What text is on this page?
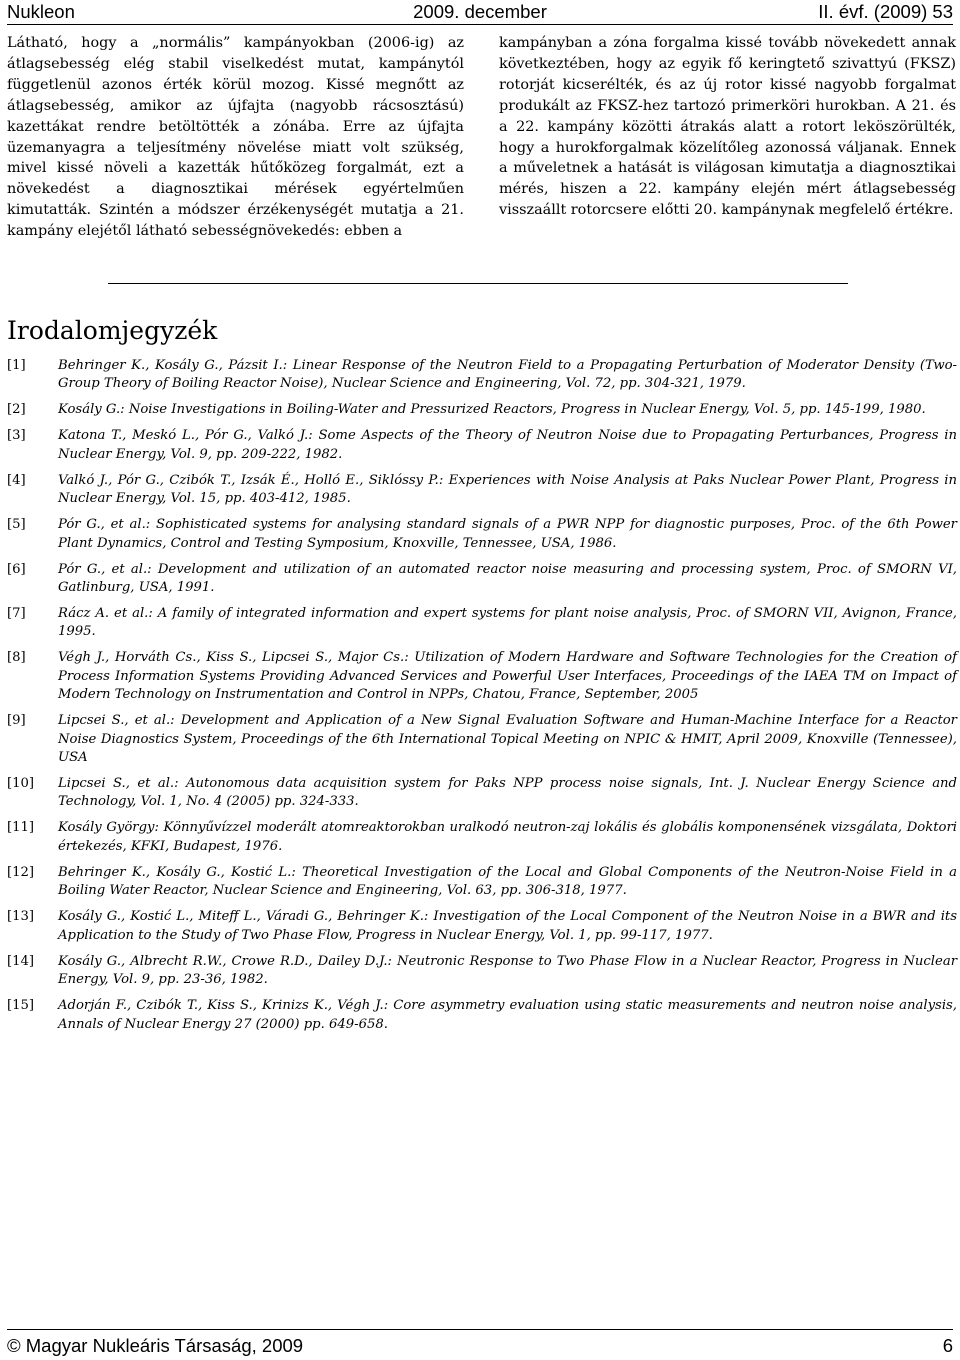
Nukleon	2009. december	II. évf. (2009) 53
Látható, hogy a „normális” kampányokban (2006-ig) az átlagsebesség elég stabil viselkedést mutat, kampánytól függetlenül azonos érték körül mozog. Kissé megnőtt az átlagsebesség, amikor az újfajta (nagyobb rácsosztású) kazettákat rendre betöltötték a zónába. Erre az újfajta üzemanyagra a teljesítmény növelése miatt volt szükség, mivel kissé növeli a kazetták hűtőközeg forgalmát, ezt a növekedést a diagnosztikai mérések egyértelműen kimutatták. Szintén a módszer érzékenységét mutatja a 21. kampány elejétől látható sebességnövekedés: ebben a
kampányban a zóna forgalma kissé tovább növekedett annak következtében, hogy az egyik fő keringtető szivattyú (FKSZ) rotorját kicserélték, és az új rotor kissé nagyobb forgalmat produkált az FKSZ-hez tartozó primerköri hurokban. A 21. és a 22. kampány közötti átrakás alatt a rotort leköszörülték, hogy a hurokforgalmak közelítőleg azonossá váljanak. Ennek a műveletnek a hatását is világosan kimutatja a diagnosztikai mérés, hiszen a 22. kampány elején mért átlagsebesség visszaállt rotorcsere előtti 20. kampánynak megfelelő értékre.
Irodalomjegyzék
[1]	Behringer K., Kosály G., Pázsit I.: Linear Response of the Neutron Field to a Propagating Perturbation of Moderator Density (Two-Group Theory of Boiling Reactor Noise), Nuclear Science and Engineering, Vol. 72, pp. 304-321, 1979.
[2]	Kosály G.: Noise Investigations in Boiling-Water and Pressurized Reactors, Progress in Nuclear Energy, Vol. 5, pp. 145-199, 1980.
[3]	Katona T., Meskó L., Pór G., Valkó J.: Some Aspects of the Theory of Neutron Noise due to Propagating Perturbances, Progress in Nuclear Energy, Vol. 9, pp. 209-222, 1982.
[4]	Valkó J., Pór G., Czibók T., Izsák É., Holló E., Siklóssy P.: Experiences with Noise Analysis at Paks Nuclear Power Plant, Progress in Nuclear Energy, Vol. 15, pp. 403-412, 1985.
[5]	Pór G., et al.: Sophisticated systems for analysing standard signals of a PWR NPP for diagnostic purposes, Proc. of the 6th Power Plant Dynamics, Control and Testing Symposium, Knoxville, Tennessee, USA, 1986.
[6]	Pór G., et al.: Development and utilization of an automated reactor noise measuring and processing system, Proc. of SMORN VI, Gatlinburg, USA, 1991.
[7]	Rácz A. et al.: A family of integrated information and expert systems for plant noise analysis, Proc. of SMORN VII, Avignon, France, 1995.
[8]	Végh J., Horváth Cs., Kiss S., Lipcsei S., Major Cs.: Utilization of Modern Hardware and Software Technologies for the Creation of Process Information Systems Providing Advanced Services and Powerful User Interfaces, Proceedings of the IAEA TM on Impact of Modern Technology on Instrumentation and Control in NPPs, Chatou, France, September, 2005
[9]	Lipcsei S., et al.: Development and Application of a New Signal Evaluation Software and Human-Machine Interface for a Reactor Noise Diagnostics System, Proceedings of the 6th International Topical Meeting on NPIC & HMIT, April 2009, Knoxville (Tennessee), USA
[10]	Lipcsei S., et al.: Autonomous data acquisition system for Paks NPP process noise signals, Int. J. Nuclear Energy Science and Technology, Vol. 1, No. 4 (2005) pp. 324-333.
[11]	Kosály György: Könnyűvízzel moderált atomreaktorokban uralkodó neutron-zaj lokális és globális komponensének vizsgálata, Doktori értekezés, KFKI, Budapest, 1976.
[12]	Behringer K., Kosály G., Kostić L.: Theoretical Investigation of the Local and Global Components of the Neutron-Noise Field in a Boiling Water Reactor, Nuclear Science and Engineering, Vol. 63, pp. 306-318, 1977.
[13]	Kosály G., Kostić L., Miteff L., Váradi G., Behringer K.: Investigation of the Local Component of the Neutron Noise in a BWR and its Application to the Study of Two Phase Flow, Progress in Nuclear Energy, Vol. 1, pp. 99-117, 1977.
[14]	Kosály G., Albrecht R.W., Crowe R.D., Dailey D.J.: Neutronic Response to Two Phase Flow in a Nuclear Reactor, Progress in Nuclear Energy, Vol. 9, pp. 23-36, 1982.
[15]	Adorján F., Czibók T., Kiss S., Krinizs K., Végh J.: Core asymmetry evaluation using static measurements and neutron noise analysis, Annals of Nuclear Energy 27 (2000) pp. 649-658.
© Magyar Nukleáris Társaság, 2009	6
